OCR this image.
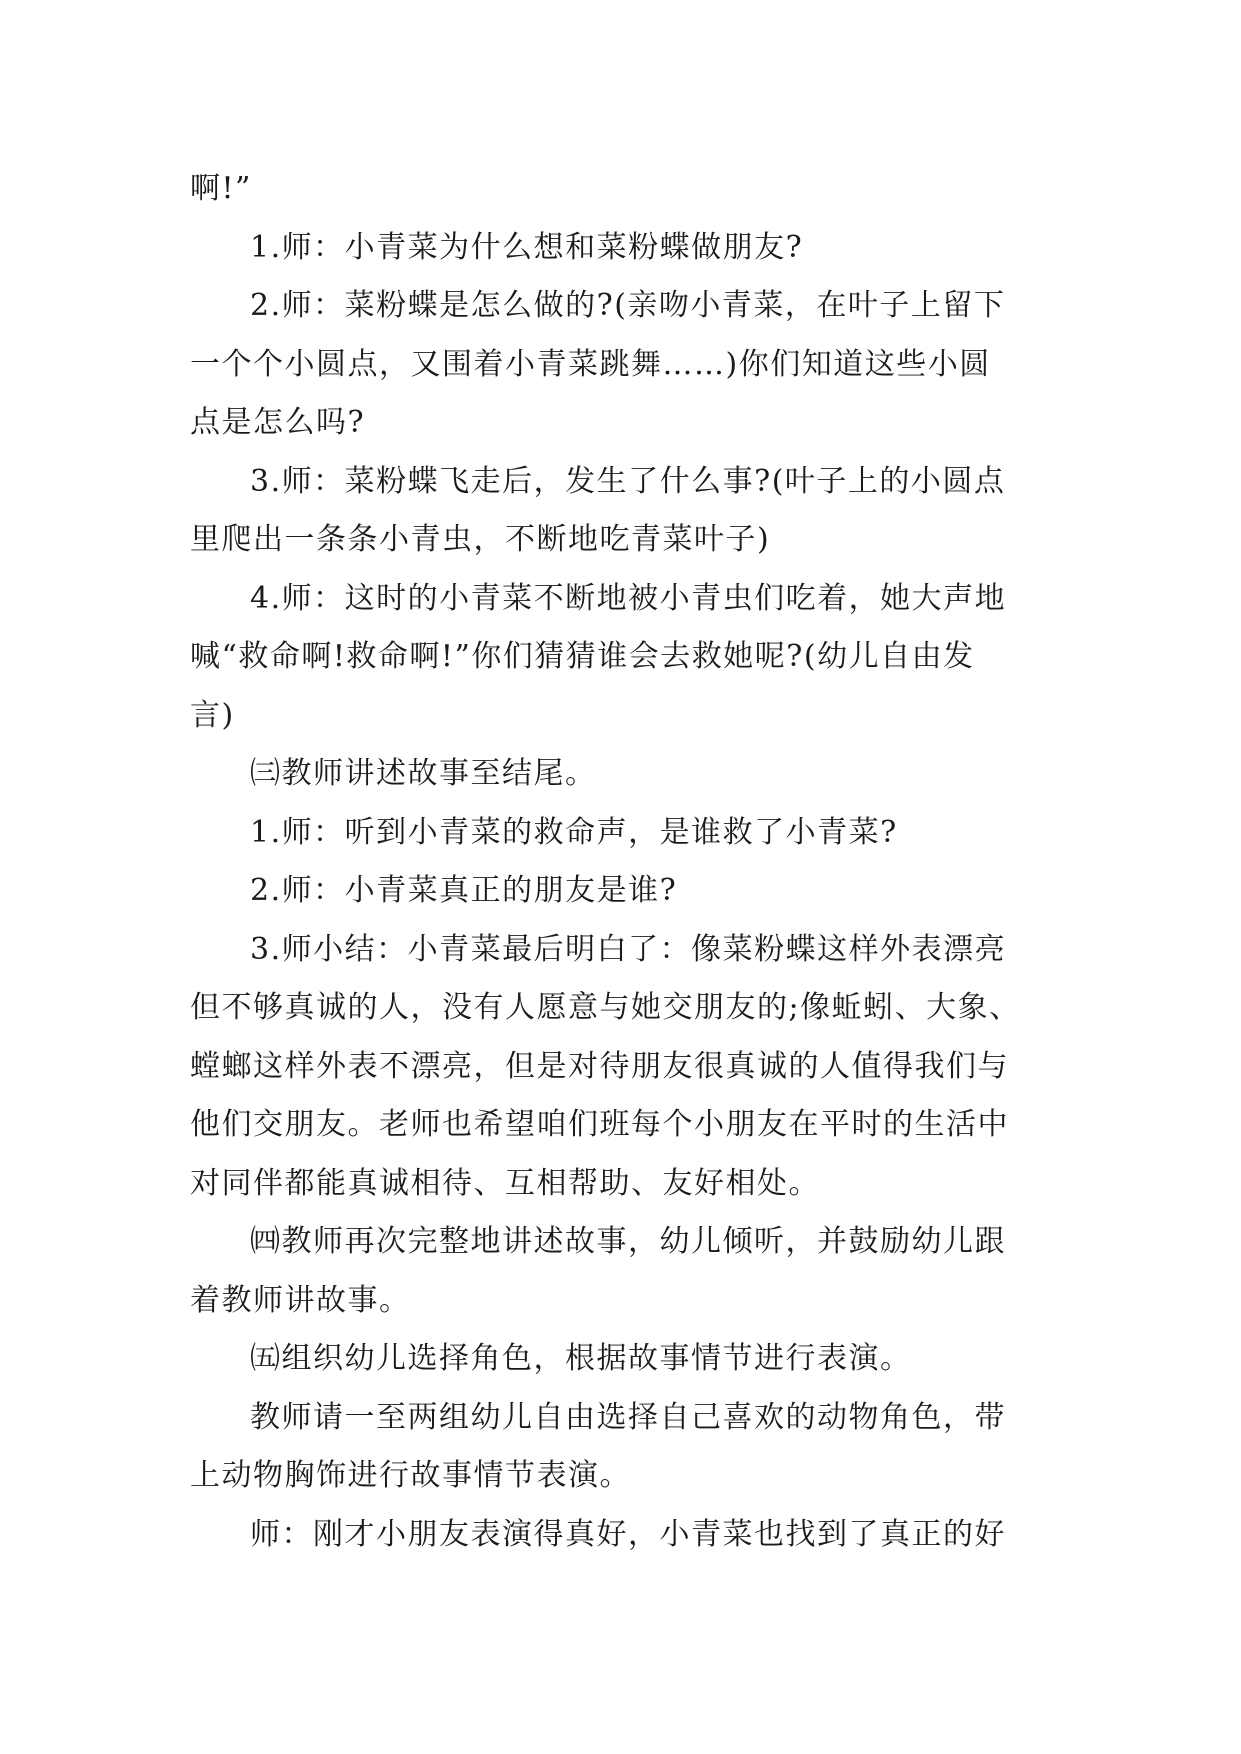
啊!”
1.师：小青菜为什么想和菜粉蝶做朋友?
2.师：菜粉蝶是怎么做的?(亲吻小青菜，在叶子上留下
一个个小圆点，又围着小青菜跳舞……)你们知道这些小圆
点是怎么吗?
3.师：菜粉蝶飞走后，发生了什么事?(叶子上的小圆点
里爬出一条条小青虫，不断地吃青菜叶子)
4.师：这时的小青菜不断地被小青虫们吃着，她大声地
喊“救命啊!救命啊!”你们猜猜谁会去救她呢?(幼儿自由发
言)
㈢教师讲述故事至结尾。
1.师：听到小青菜的救命声，是谁救了小青菜?
2.师：小青菜真正的朋友是谁?
3.师小结：小青菜最后明白了：像菜粉蝶这样外表漂亮
但不够真诚的人，没有人愿意与她交朋友的;像蚯蚓、大象、
螳螂这样外表不漂亮，但是对待朋友很真诚的人值得我们与
他们交朋友。老师也希望咱们班每个小朋友在平时的生活中
对同伴都能真诚相待、互相帮助、友好相处。
㈣教师再次完整地讲述故事，幼儿倾听，并鼓励幼儿跟
着教师讲故事。
㈤组织幼儿选择角色，根据故事情节进行表演。
教师请一至两组幼儿自由选择自己喜欢的动物角色，带
上动物胸饰进行故事情节表演。
师：刚才小朋友表演得真好，小青菜也找到了真正的好
